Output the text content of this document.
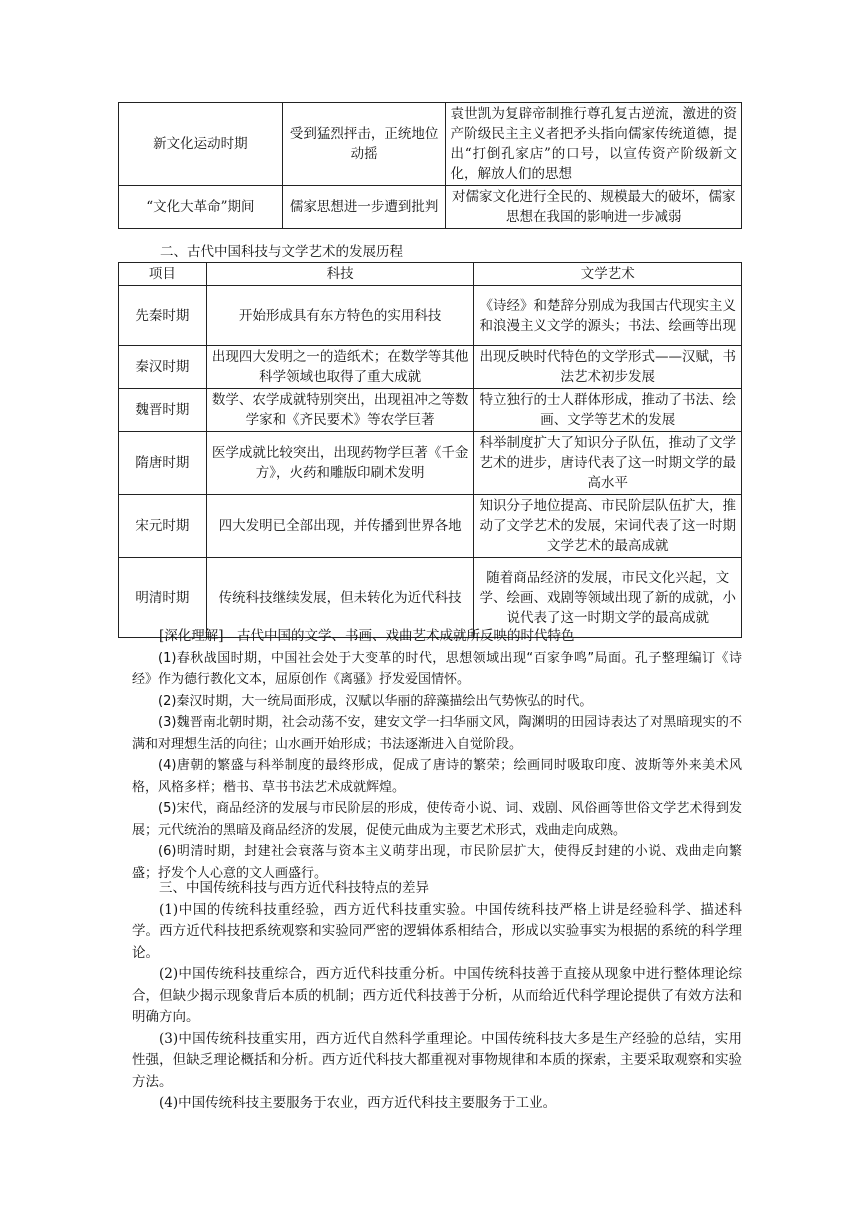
新文化运动时期	受到猛烈抨击，正统地位动摇	袁世凯为复辟帝制推行尊孔复古逆流，激进的资产阶级民主主义者把矛头指向儒家传统道德，提出“打倒孔家店”的口号，以宣传资产阶级新文化，解放人们的思想
“文化大革命”期间	儒家思想进一步遭到批判	对儒家文化进行全民的、规模最大的破坏，儒家思想在我国的影响进一步减弱
二、古代中国科技与文学艺术的发展历程
项目	科技	文学艺术
先秦时期	开始形成具有东方特色的实用科技	《诗经》和楚辞分别成为我国古代现实主义和浪漫主义文学的源头；书法、绘画等出现
秦汉时期	出现四大发明之一的造纸术；在数学等其他科学领域也取得了重大成就	出现反映时代特色的文学形式——汉赋，书法艺术初步发展
魏晋时期	数学、农学成就特别突出，出现祖冲之等数学家和《齐民要术》等农学巨著	特立独行的士人群体形成，推动了书法、绘画、文学等艺术的发展
隋唐时期	医学成就比较突出，出现药物学巨著《千金方》，火药和雕版印刷术发明	科举制度扩大了知识分子队伍，推动了文学艺术的进步，唐诗代表了这一时期文学的最高水平
宋元时期	四大发明已全部出现，并传播到世界各地	知识分子地位提高、市民阶层队伍扩大，推动了文学艺术的发展，宋词代表了这一时期文学艺术的最高成就
明清时期	传统科技继续发展，但未转化为近代科技	随着商品经济的发展，市民文化兴起，文学、绘画、戏剧等领域出现了新的成就，小说代表了这一时期文学的最高成就

[深化理解]　 古代中国的文学、书画、戏曲艺术成就所反映的时代特色

(1)春秋战国时期，中国社会处于大变革的时代，思想领域出现“百家争鸣”局面。孔子整理编订《诗经》作为德行教化文本，屈原创作《离骚》抒发爱国情怀。

(2)秦汉时期，大一统局面形成，汉赋以华丽的辞藻描绘出气势恢弘的时代。

(3)魏晋南北朝时期，社会动荡不安，建安文学一扫华丽文风，陶渊明的田园诗表达了对黑暗现实的不满和对理想生活的向往；山水画开始形成；书法逐渐进入自觉阶段。

(4)唐朝的繁盛与科举制度的最终形成，促成了唐诗的繁荣；绘画同时吸取印度、波斯等外来美术风格，风格多样；楷书、草书书法艺术成就辉煌。

(5)宋代，商品经济的发展与市民阶层的形成，使传奇小说、词、戏剧、风俗画等世俗文学艺术得到发展；元代统治的黑暗及商品经济的发展，促使元曲成为主要艺术形式，戏曲走向成熟。

(6)明清时期，封建社会衰落与资本主义萌芽出现，市民阶层扩大，使得反封建的小说、戏曲走向繁盛；抒发个人心意的文人画盛行。

三、中国传统科技与西方近代科技特点的差异

(1)中国的传统科技重经验，西方近代科技重实验。中国传统科技严格上讲是经验科学、描述科学。西方近代科技把系统观察和实验同严密的逻辑体系相结合，形成以实验事实为根据的系统的科学理论。

(2)中国传统科技重综合，西方近代科技重分析。中国传统科技善于直接从现象中进行整体理论综合，但缺少揭示现象背后本质的机制；西方近代科技善于分析，从而给近代科学理论提供了有效方法和明确方向。

(3)中国传统科技重实用，西方近代自然科学重理论。中国传统科技大多是生产经验的总结，实用性强，但缺乏理论概括和分析。西方近代科技大都重视对事物规律和本质的探索，主要采取观察和实验方法。

(4)中国传统科技主要服务于农业，西方近代科技主要服务于工业。
